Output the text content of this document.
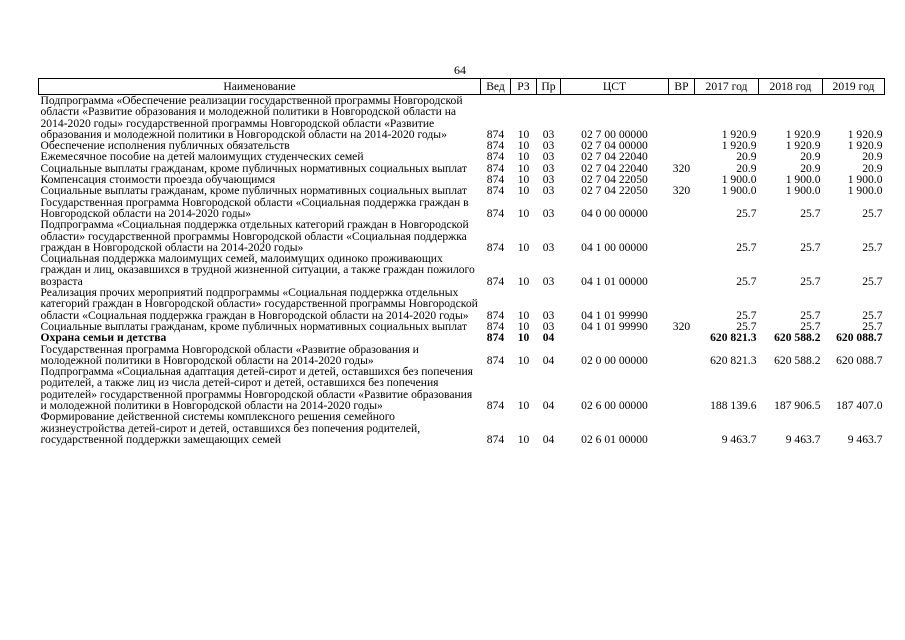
64
Наименование	Вед	РЗ	Пр	ЦСТ	ВР	2017 год	2018 год	2019 год
Подпрограмма «Обеспечение реализации государственной программы Новгородской области «Развитие образования и молодежной политики в Новгородской области на 2014-2020 годы» государственной программы Новгородской области «Развитие образования и молодежной политики в Новгородской области на 2014-2020 годы»	874	10	03	02 7 00 00000		1 920.9	1 920.9	1 920.9
Обеспечение исполнения публичных обязательств	874	10	03	02 7 04 00000		1 920.9	1 920.9	1 920.9
Ежемесячное пособие на детей малоимущих студенческих семей	874	10	03	02 7 04 22040		20.9	20.9	20.9
Социальные выплаты гражданам, кроме публичных нормативных социальных выплат	874	10	03	02 7 04 22040	320	20.9	20.9	20.9
Компенсация стоимости проезда обучающимся	874	10	03	02 7 04 22050		1 900.0	1 900.0	1 900.0
Социальные выплаты гражданам, кроме публичных нормативных социальных выплат	874	10	03	02 7 04 22050	320	1 900.0	1 900.0	1 900.0
Государственная программа Новгородской области «Социальная поддержка граждан в Новгородской области на 2014-2020 годы»	874	10	03	04 0 00 00000		25.7	25.7	25.7
Подпрограмма «Социальная поддержка отдельных категорий граждан в Новгородской области» государственной программы Новгородской области «Социальная поддержка граждан в Новгородской области на 2014-2020 годы»	874	10	03	04 1 00 00000		25.7	25.7	25.7
Социальная поддержка малоимущих семей, малоимущих одиноко проживающих граждан и лиц, оказавшихся в трудной жизненной ситуации, а также граждан пожилого возраста	874	10	03	04 1 01 00000		25.7	25.7	25.7
Реализация прочих мероприятий подпрограммы «Социальная поддержка отдельных категорий граждан в Новгородской области» государственной программы Новгородской области «Социальная поддержка граждан в Новгородской области на 2014-2020 годы»	874	10	03	04 1 01 99990		25.7	25.7	25.7
Социальные выплаты гражданам, кроме публичных нормативных социальных выплат	874	10	03	04 1 01 99990	320	25.7	25.7	25.7
Охрана семьи и детства	874	10	04			620 821.3	620 588.2	620 088.7
Государственная программа Новгородской области «Развитие образования и молодежной политики в Новгородской области на 2014-2020 годы»	874	10	04	02 0 00 00000		620 821.3	620 588.2	620 088.7
Подпрограмма «Социальная адаптация детей-сирот и детей, оставшихся без попечения родителей, а также лиц из числа детей-сирот и детей, оставшихся без попечения родителей» государственной программы Новгородской области «Развитие образования и молодежной политики в Новгородской области на 2014-2020 годы»	874	10	04	02 6 00 00000		188 139.6	187 906.5	187 407.0
Формирование действенной системы комплексного решения семейного жизнеустройства детей-сирот и детей, оставшихся без попечения родителей, государственной поддержки замещающих семей	874	10	04	02 6 01 00000		9 463.7	9 463.7	9 463.7
